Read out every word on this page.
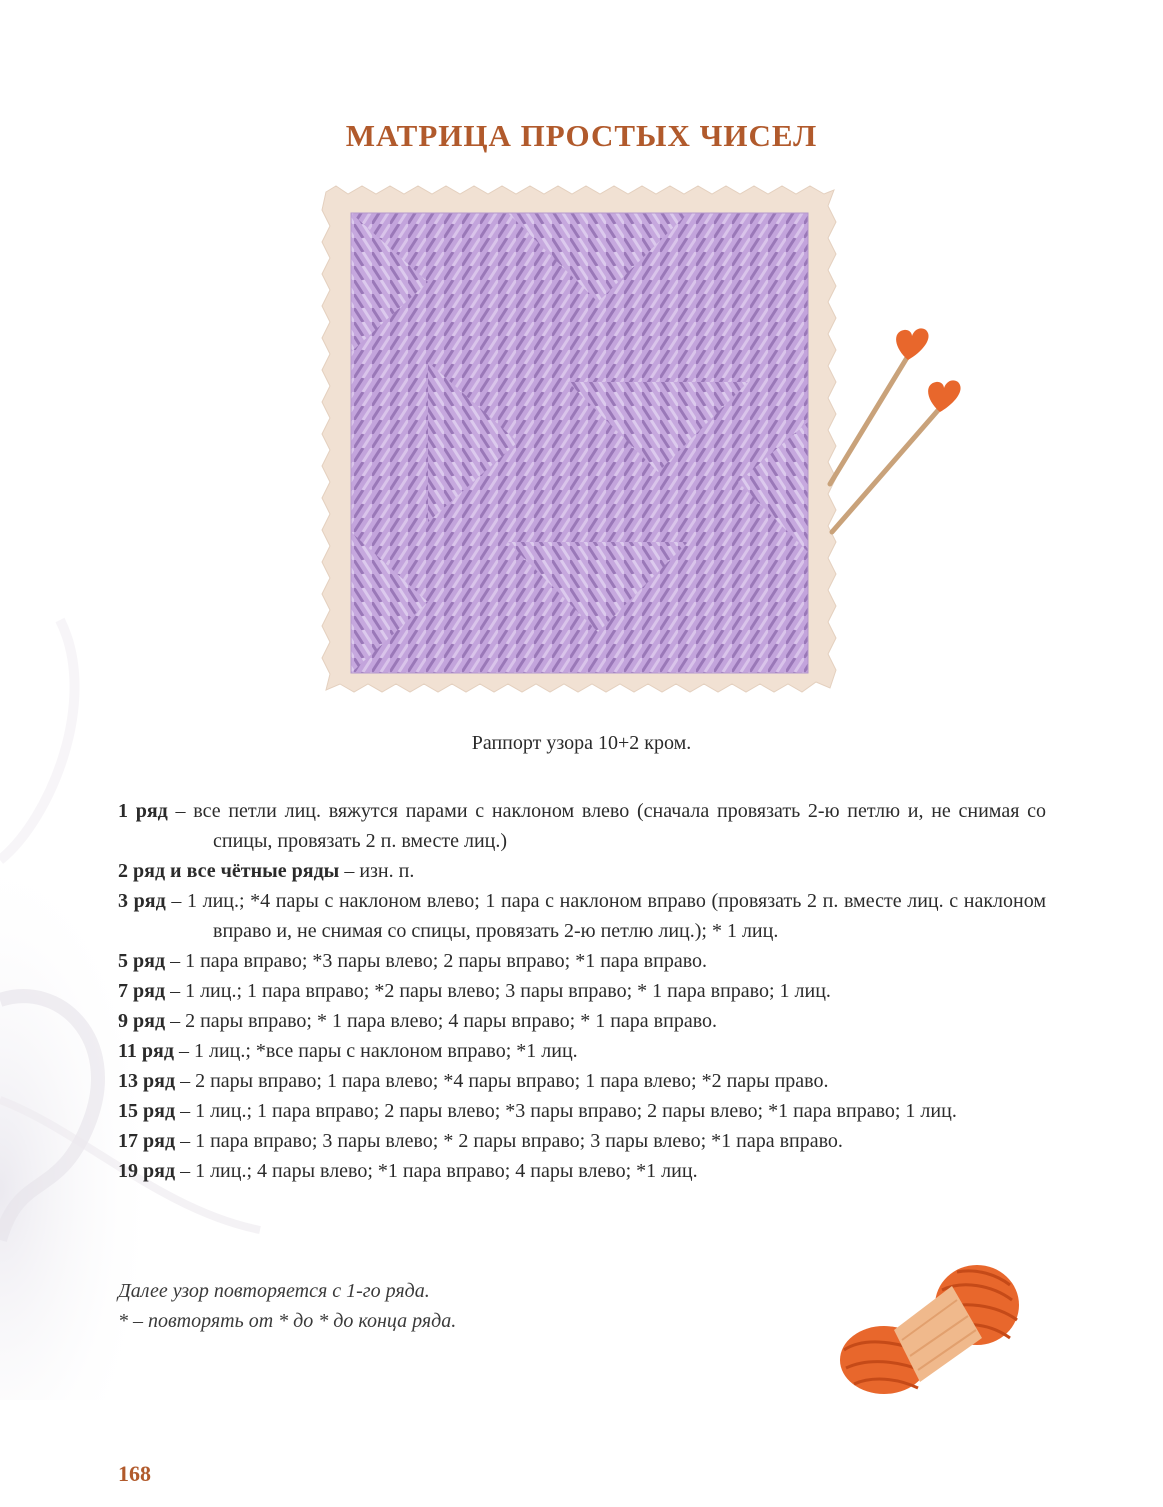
МАТРИЦА ПРОСТЫХ ЧИСЕЛ
Раппорт узора 10+2 кром.

1 ряд – все петли лиц. вяжутся парами с наклоном влево (сначала провязать 2-ю петлю и, не снимая со спицы, провязать 2 п. вместе лиц.)

2 ряд и все чётные ряды – изн. п.

3 ряд – 1 лиц.; *4 пары с наклоном влево; 1 пара с наклоном вправо (провязать 2 п. вместе лиц. с наклоном вправо и, не снимая со спицы, провязать 2-ю петлю лиц.); * 1 лиц.

5 ряд – 1 пара вправо; *3 пары влево; 2 пары вправо; *1 пара вправо.

7 ряд – 1 лиц.; 1 пара вправо; *2 пары влево; 3 пары вправо; * 1 пара вправо; 1 лиц.

9 ряд – 2 пары вправо; * 1 пара влево; 4 пары вправо; * 1 пара вправо.

11 ряд – 1 лиц.; *все пары с наклоном вправо; *1 лиц.

13 ряд – 2 пары вправо; 1 пара влево; *4 пары вправо; 1 пара влево; *2 пары право.

15 ряд – 1 лиц.; 1 пара вправо; 2 пары влево; *3 пары вправо; 2 пары влево; *1 пара вправо; 1 лиц.

17 ряд – 1 пара вправо; 3 пары влево; * 2 пары вправо; 3 пары влево; *1 пара вправо.

19 ряд – 1 лиц.; 4 пары влево; *1 пара вправо; 4 пары влево; *1 лиц.

Далее узор повторяется с 1-го ряда.
* – повторять от * до * до конца ряда.
168
